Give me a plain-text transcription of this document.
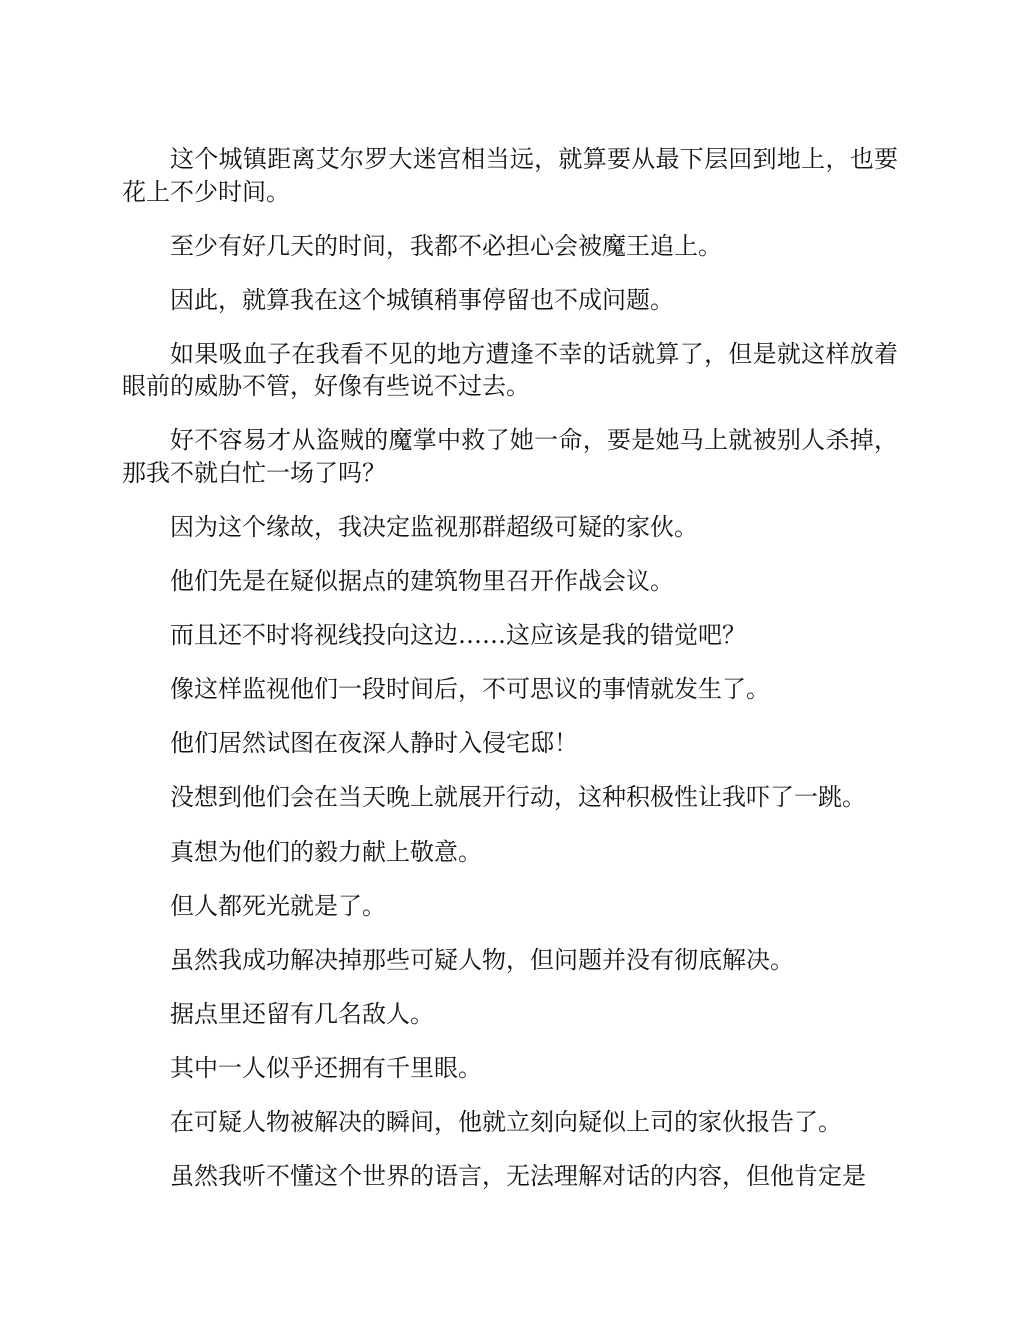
这个城镇距离艾尔罗大迷宫相当远，就算要从最下层回到地上，也要花上不少时间。

至少有好几天的时间，我都不必担心会被魔王追上。

因此，就算我在这个城镇稍事停留也不成问题。

如果吸血子在我看不见的地方遭逢不幸的话就算了，但是就这样放着眼前的威胁不管，好像有些说不过去。

好不容易才从盗贼的魔掌中救了她一命，要是她马上就被别人杀掉，那我不就白忙一场了吗？

因为这个缘故，我决定监视那群超级可疑的家伙。

他们先是在疑似据点的建筑物里召开作战会议。

而且还不时将视线投向这边……这应该是我的错觉吧？

像这样监视他们一段时间后，不可思议的事情就发生了。

他们居然试图在夜深人静时入侵宅邸！

没想到他们会在当天晚上就展开行动，这种积极性让我吓了一跳。

真想为他们的毅力献上敬意。

但人都死光就是了。

虽然我成功解决掉那些可疑人物，但问题并没有彻底解决。

据点里还留有几名敌人。

其中一人似乎还拥有千里眼。

在可疑人物被解决的瞬间，他就立刻向疑似上司的家伙报告了。

虽然我听不懂这个世界的语言，无法理解对话的内容，但他肯定是
